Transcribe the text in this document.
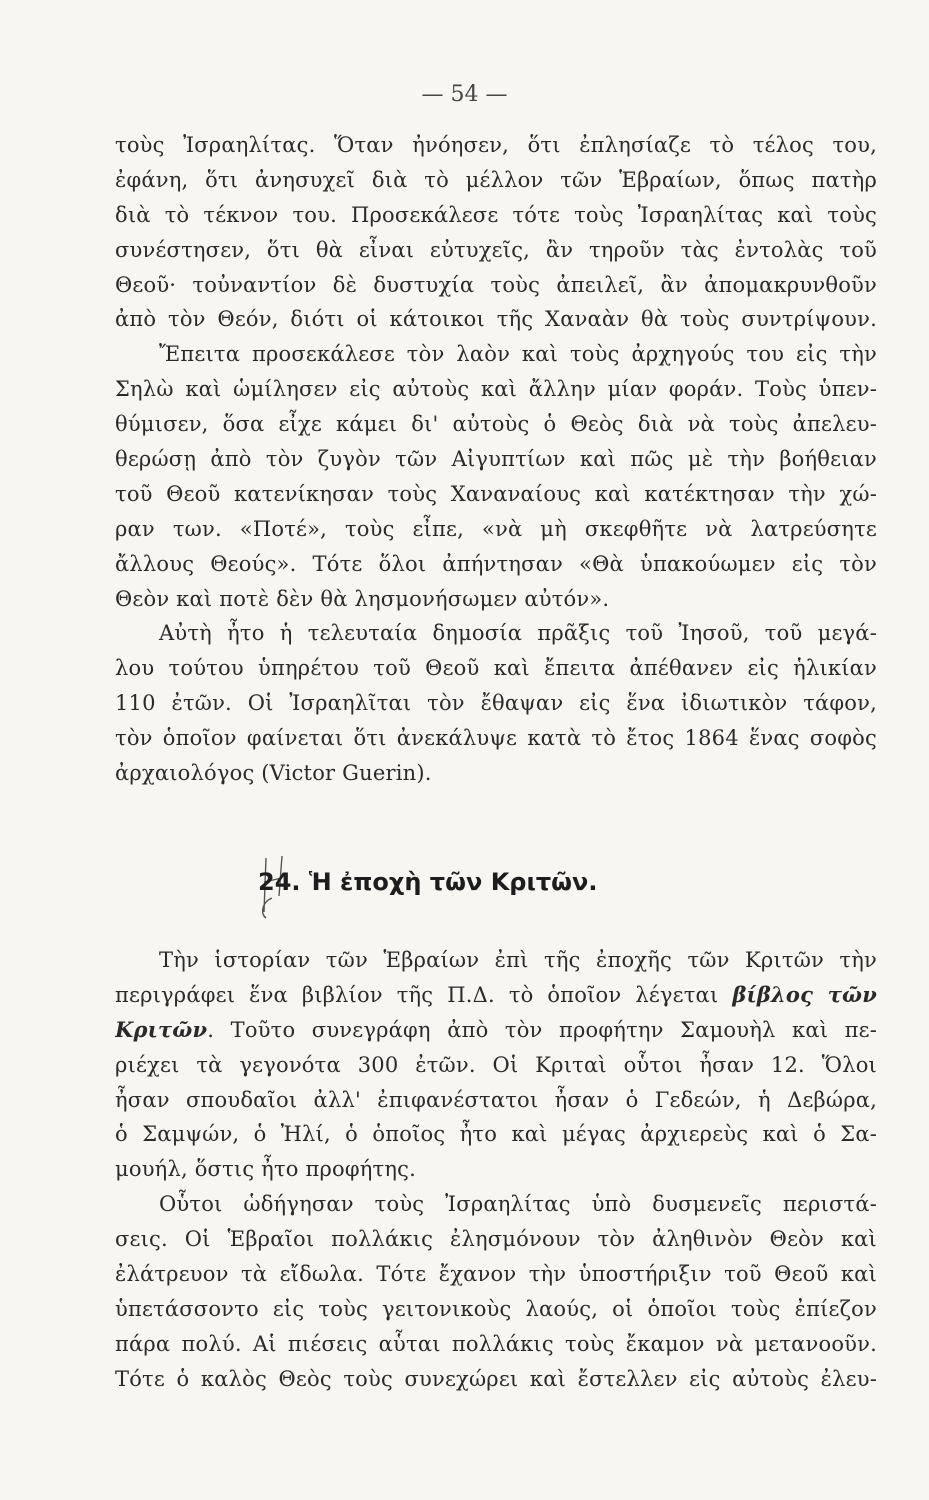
— 54 —
τοὺς Ἰσραηλίτας. Ὅταν ἠνόησεν, ὅτι ἐπλησίαζε τὸ τέλος του,
ἐφάνη, ὅτι ἀνησυχεῖ διὰ τὸ μέλλον τῶν Ἑβραίων, ὅπως πατὴρ
διὰ τὸ τέκνον του. Προσεκάλεσε τότε τοὺς Ἰσραηλίτας καὶ τοὺς
συνέστησεν, ὅτι θὰ εἶναι εὐτυχεῖς, ἂν τηροῦν τὰς ἐντολὰς τοῦ
Θεοῦ· τοὐναντίον δὲ δυστυχία τοὺς ἀπειλεῖ, ἂν ἀπομακρυνθοῦν
ἀπὸ τὸν Θεόν, διότι οἱ κάτοικοι τῆς Χαναὰν θὰ τοὺς συντρίψουν.
Ἔπειτα προσεκάλεσε τὸν λαὸν καὶ τοὺς ἀρχηγούς του εἰς τὴν
Σηλὼ καὶ ὡμίλησεν εἰς αὐτοὺς καὶ ἄλλην μίαν φοράν. Τοὺς ὑπεν-
θύμισεν, ὅσα εἶχε κάμει δι' αὐτοὺς ὁ Θεὸς διὰ νὰ τοὺς ἀπελευ-
θερώσῃ ἀπὸ τὸν ζυγὸν τῶν Αἰγυπτίων καὶ πῶς μὲ τὴν βοήθειαν
τοῦ Θεοῦ κατενίκησαν τοὺς Χαναναίους καὶ κατέκτησαν τὴν χώ-
ραν των. «Ποτέ», τοὺς εἶπε, «νὰ μὴ σκεφθῆτε νὰ λατρεύσητε
ἄλλους Θεούς». Τότε ὅλοι ἀπήντησαν «Θὰ ὑπακούωμεν εἰς τὸν
Θεὸν καὶ ποτὲ δὲν θὰ λησμονήσωμεν αὐτόν».
Αὐτὴ ἦτο ἡ τελευταία δημοσία πρᾶξις τοῦ Ἰησοῦ, τοῦ μεγά-
λου τούτου ὑπηρέτου τοῦ Θεοῦ καὶ ἔπειτα ἀπέθανεν εἰς ἡλικίαν
110 ἐτῶν. Οἱ Ἰσραηλῖται τὸν ἔθαψαν εἰς ἕνα ἰδιωτικὸν τάφον,
τὸν ὁποῖον φαίνεται ὅτι ἀνεκάλυψε κατὰ τὸ ἔτος 1864 ἕνας σοφὸς
ἀρχαιολόγος (Victor Guerin).
24. Ἡ ἐποχὴ τῶν Κριτῶν.
Τὴν ἱστορίαν τῶν Ἑβραίων ἐπὶ τῆς ἐποχῆς τῶν Κριτῶν τὴν
περιγράφει ἕνα βιβλίον τῆς Π.Δ. τὸ ὁποῖον λέγεται βίβλος τῶν
Κριτῶν. Τοῦτο συνεγράφη ἀπὸ τὸν προφήτην Σαμουὴλ καὶ πε-
ριέχει τὰ γεγονότα 300 ἐτῶν. Οἱ Κριταὶ οὗτοι ἦσαν 12. Ὅλοι
ἦσαν σπουδαῖοι ἀλλ' ἐπιφανέστατοι ἦσαν ὁ Γεδεών, ἡ Δεβώρα,
ὁ Σαμψών, ὁ Ἠλί, ὁ ὁποῖος ἦτο καὶ μέγας ἀρχιερεὺς καὶ ὁ Σα-
μουήλ, ὅστις ἦτο προφήτης.
Οὗτοι ὡδήγησαν τοὺς Ἰσραηλίτας ὑπὸ δυσμενεῖς περιστά-
σεις. Οἱ Ἑβραῖοι πολλάκις ἐλησμόνουν τὸν ἀληθινὸν Θεὸν καὶ
ἐλάτρευον τὰ εἴδωλα. Τότε ἔχανον τὴν ὑποστήριξιν τοῦ Θεοῦ καὶ
ὑπετάσσοντο εἰς τοὺς γειτονικοὺς λαούς, οἱ ὁποῖοι τοὺς ἐπίεζον
πάρα πολύ. Αἱ πιέσεις αὗται πολλάκις τοὺς ἔκαμον νὰ μετανοοῦν.
Τότε ὁ καλὸς Θεὸς τοὺς συνεχώρει καὶ ἔστελλεν εἰς αὐτοὺς ἐλευ-
